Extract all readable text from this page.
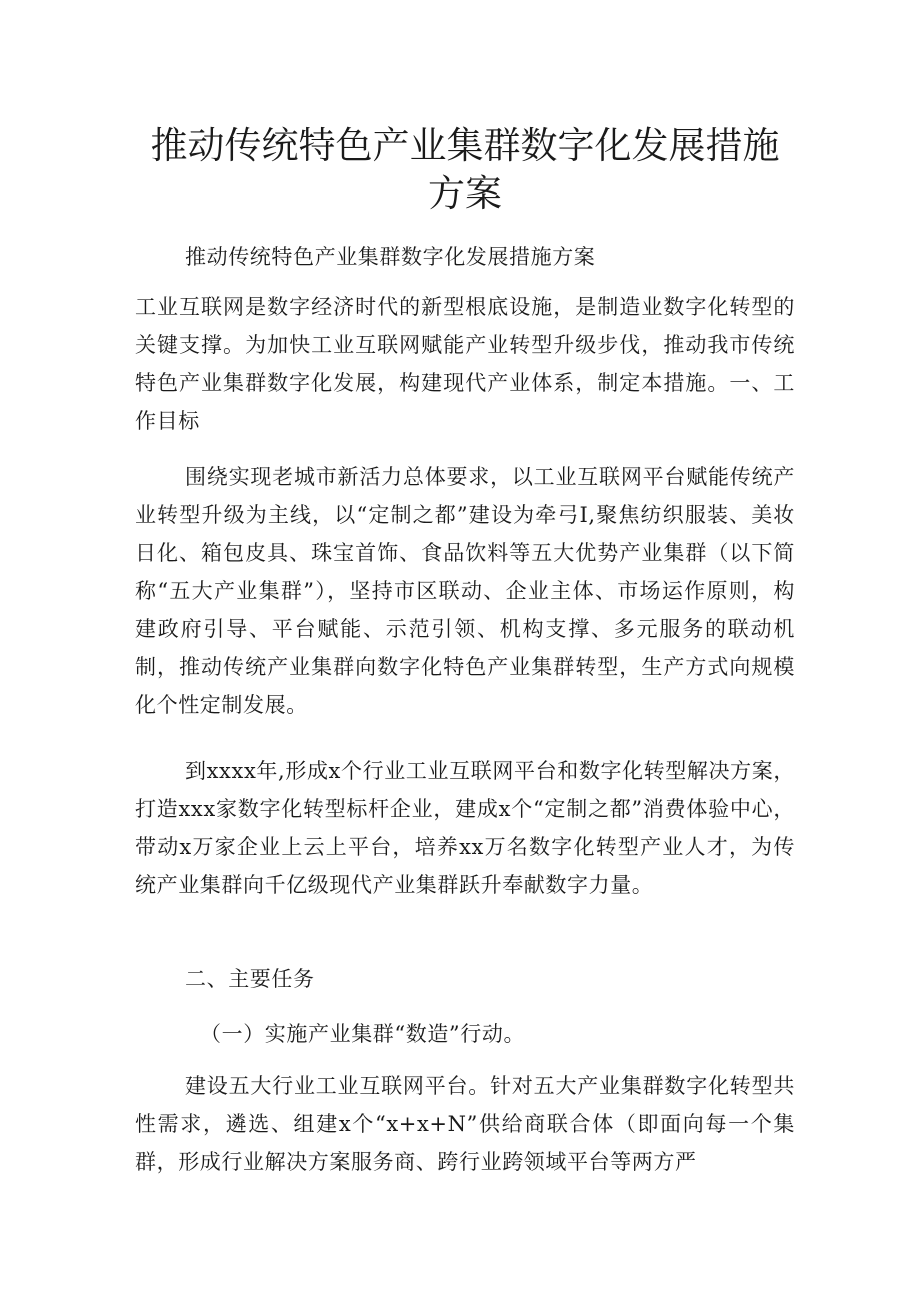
推动传统特色产业集群数字化发展措施方案

推动传统特色产业集群数字化发展措施方案

工业互联网是数字经济时代的新型根底设施，是制造业数字化转型的关键支撑。为加快工业互联网赋能产业转型升级步伐，推动我市传统特色产业集群数字化发展，构建现代产业体系，制定本措施。一、工作目标

围绕实现老城市新活力总体要求，以工业互联网平台赋能传统产业转型升级为主线，以“定制之都”建设为牵弓I,聚焦纺织服装、美妆日化、箱包皮具、珠宝首饰、食品饮料等五大优势产业集群（以下简称“五大产业集群”），坚持市区联动、企业主体、市场运作原则，构建政府引导、平台赋能、示范引领、机构支撑、多元服务的联动机制，推动传统产业集群向数字化特色产业集群转型，生产方式向规模化个性定制发展。

到xxxx年,形成x个行业工业互联网平台和数字化转型解决方案，打造xxx家数字化转型标杆企业，建成x个“定制之都”消费体验中心，带动x万家企业上云上平台，培养xx万名数字化转型产业人才，为传统产业集群向千亿级现代产业集群跃升奉献数字力量。

二、主要任务

（一）实施产业集群“数造”行动。

建设五大行业工业互联网平台。针对五大产业集群数字化转型共性需求，遴选、组建x个“x+x+N”供给商联合体（即面向每一个集群，形成行业解决方案服务商、跨行业跨领域平台等两方严
